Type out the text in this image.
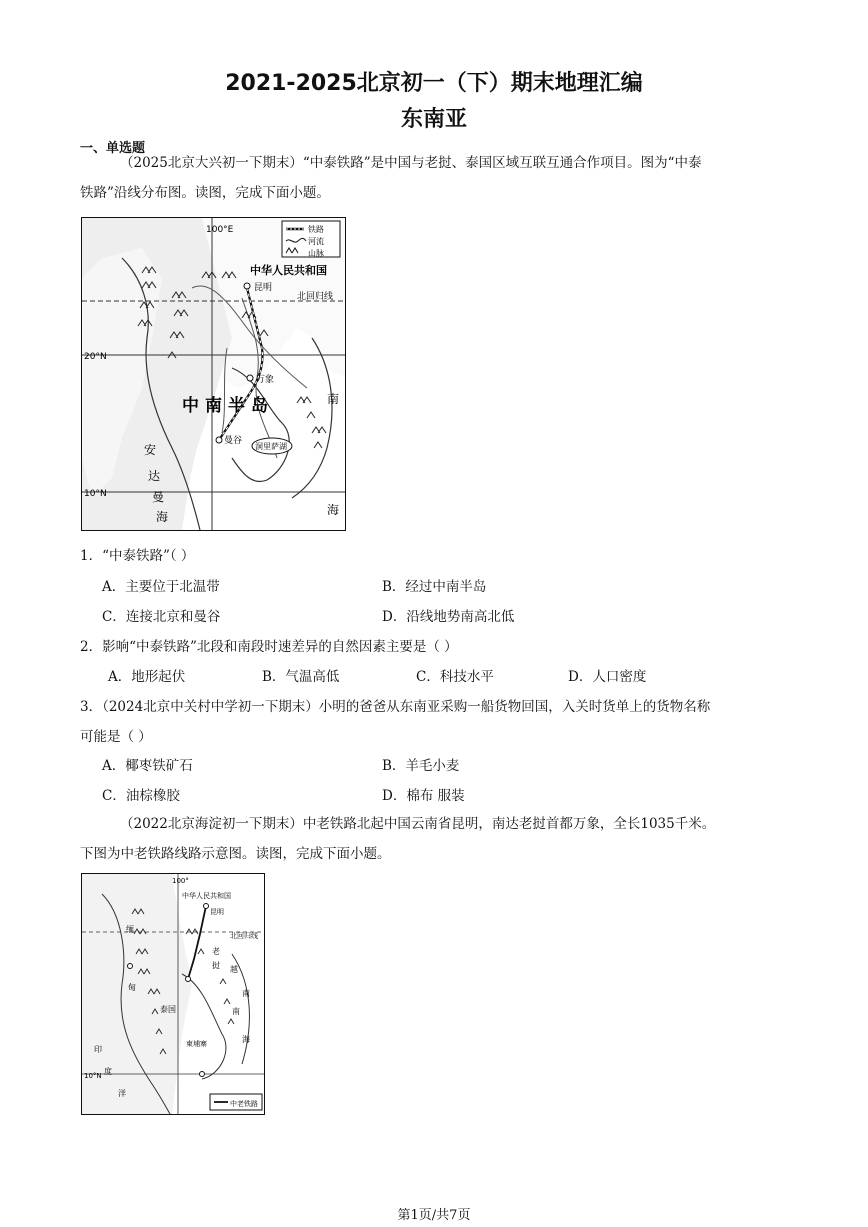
2021-2025北京初一（下）期末地理汇编
东南亚
一、单选题
（2025北京大兴初一下期末）“中泰铁路”是中国与老挝、泰国区域互联互通合作项目。图为“中泰
铁路”沿线分布图。读图，完成下面小题。
100°E	铁路
河流
山脉
中华人民共和国
昆明
北回归线
20°N
万象
中南半岛
曼谷
洞里萨湖
10°N
安
达
曼
海
南
海
1．“中泰铁路”（ ）
A．主要位于北温带	B．经过中南半岛
C．连接北京和曼谷	D．沿线地势南高北低
2．影响“中泰铁路”北段和南段时速差异的自然因素主要是（ ）
A．地形起伏	B．气温高低	C．科技水平	D．人口密度
3．（2024北京中关村中学初一下期末）小明的爸爸从东南亚采购一船货物回国，入关时货单上的货物名称
可能是（ ）
A．椰枣铁矿石	B．羊毛小麦
C．油棕橡胶	D．棉布 服装
（2022北京海淀初一下期末）中老铁路北起中国云南省昆明，南达老挝首都万象，全长1035千米。
下图为中老铁路线路示意图。读图，完成下面小题。
100°
中华人民共和国
昆明
北回归线
10°N
缅
甸
泰国
柬埔寨
南
海
印
度
洋
老
挝 越
南
中老铁路
第1页/共7页
